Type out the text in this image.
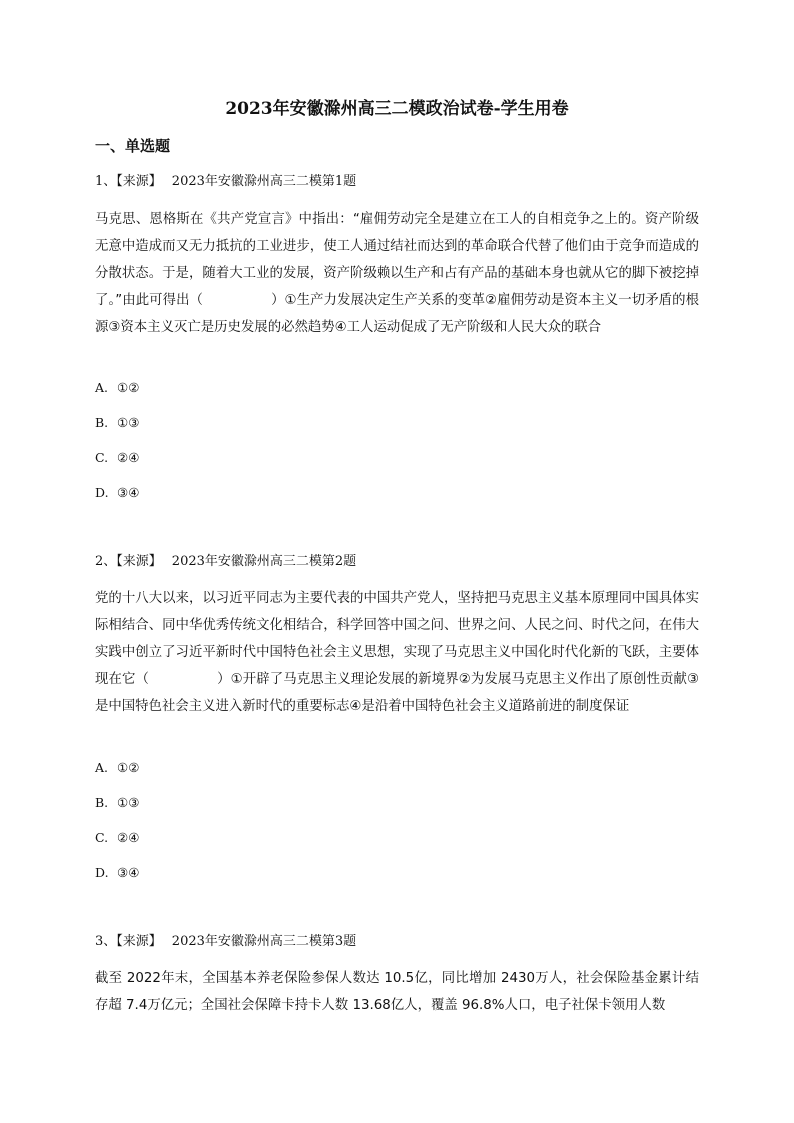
2023年安徽滁州高三二模政治试卷-学生用卷
一、单选题
1、【来源】 2023年安徽滁州高三二模第1题

马克思、恩格斯在《共产党宣言》中指出：“雇佣劳动完全是建立在工人的自相竞争之上的。资产阶级无意中造成而又无力抵抗的工业进步，使工人通过结社而达到的革命联合代替了他们由于竞争而造成的分散状态。于是，随着大工业的发展，资产阶级赖以生产和占有产品的基础本身也就从它的脚下被挖掉了。”由此可得出（	）①生产力发展决定生产关系的变革②雇佣劳动是资本主义一切矛盾的根源③资本主义灭亡是历史发展的必然趋势④工人运动促成了无产阶级和人民大众的联合

A. ①②
B. ①③
C. ②④
D. ③④
2、【来源】 2023年安徽滁州高三二模第2题

党的十八大以来，以习近平同志为主要代表的中国共产党人，坚持把马克思主义基本原理同中国具体实际相结合、同中华优秀传统文化相结合，科学回答中国之问、世界之问、人民之问、时代之问，在伟大实践中创立了习近平新时代中国特色社会主义思想，实现了马克思主义中国化时代化新的飞跃，主要体现在它（	）①开辟了马克思主义理论发展的新境界②为发展马克思主义作出了原创性贡献③是中国特色社会主义进入新时代的重要标志④是沿着中国特色社会主义道路前进的制度保证

A. ①②
B. ①③
C. ②④
D. ③④
3、【来源】 2023年安徽滁州高三二模第3题

截至 2022年末，全国基本养老保险参保人数达 10.5亿，同比增加 2430万人，社会保险基金累计结存超 7.4万亿元；全国社会保障卡持卡人数 13.68亿人，覆盖 96.8%人口，电子社保卡领用人数
